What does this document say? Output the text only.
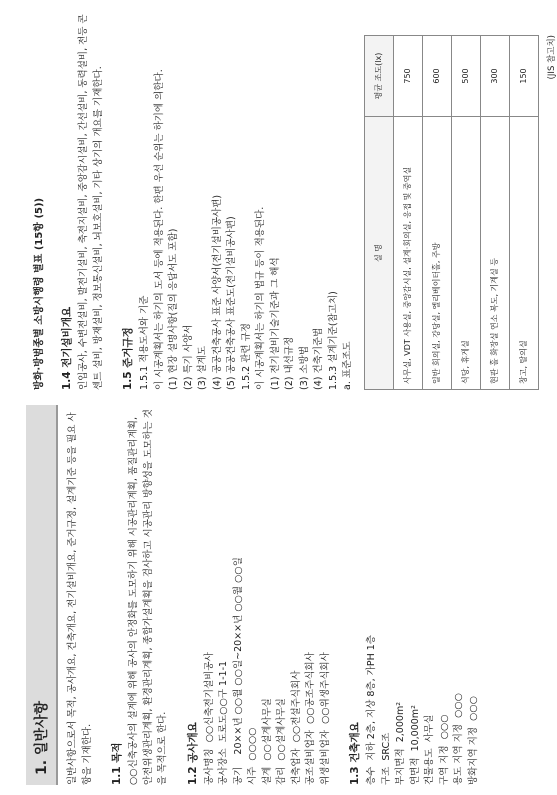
1. 일반사항 일반사항으로서 목적, 공사개요, 건축개요, 전기설비개요, 준거규정, 설계기준 등을 필요 사항을 기재한다. 1.1 목적 ○○신축공사의 설계에 위해 공사의 안정화를 도모하기 위해 시공관리계획, 품질관리계획, 안전위생관리계획, 환경관리계획, 종합가설계획을 검사하고 시공관리 방향성을 도모하는 것을 목적으로 한다. 1.2 공사개요 공사명칭  ○○신축전기설비공사 공사장소  도로도○○구 1-1-1 공기    20××년 ○○월 ○○일~20××년 ○○월 ○○일 시주  ○○○○ 설계  ○○설계사무실 감리  ○○설계사무실 건축업자  ○○전설주식회사 공조설비업자  ○○공조주식회사 위생설비업자  ○○위생주식회사 1.3 건축개요 층수  지하 2층, 지상 8층, 가PH 1층 구조  SRC조 부지면적  2,000m² 연면적  10,000m² 건물용도  사무실 구역 지정  ○○○ 용도 지역 지정  ○○○ 방화지역 지정  ○○○
방화·방범종별 소방시행령 별표 (15항 (5)) 1.4 전기설비개요 인입공사, 수변전설비, 발전기설비, 축전지설비, 중앙감시설비, 간선설비, 동력설비, 전등 콘센트 설비, 방재설비, 정보통신설비, 뇌보호설비, 기타 상기의 개요를 기재한다. 1.5 준거규정 1.5.1 적용도서와 기준 이 시공계획서는 하기의 도서 등에 적용된다. 한편 우선 순위는 하기에 의한다. (1) 현장 설명사항(질의 응답서도 포함) (2) 특기 사양서 (3) 설계도 (4) 공공건축공사 표준 사양서(전기설비공사편) (5) 공공건축공사 표준도(전기설비공사편) 1.5.2 관련 규정 이 시공계획서는 하기의 법규 등이 적용된다. (1) 전기설비기술기준과 그 해석 (2) 내선규정 (3) 소방법 (4) 건축기준법 1.5.3 설계기준(참고치) a. 표준조도
실 명	평균 조도(lx)
사무실, VDT 사용실, 중앙감시실, 설계·회의실, 응접 및 중역실	750
일반 회의실, 강당실, 엘리베이터홀, 주방	600
식당, 휴게실	500
현관 홀 화장실 연소 복도, 기계실 등	300
창고, 탈의실	150 (JIS 참고치)
